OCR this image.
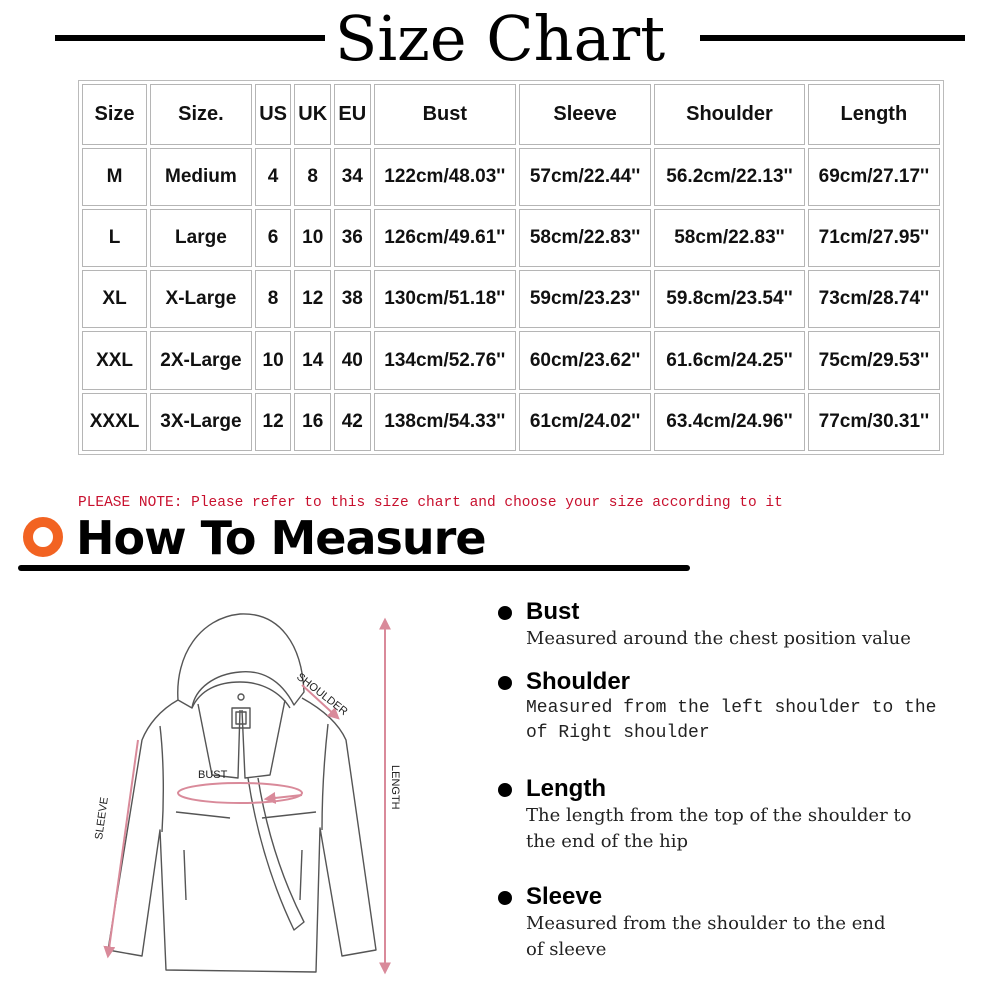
Size Chart
Size	Size.	US	UK	EU	Bust	Sleeve	Shoulder	Length
M	Medium	4	8	34	122cm/48.03''	57cm/22.44''	56.2cm/22.13''	69cm/27.17''
L	Large	6	10	36	126cm/49.61''	58cm/22.83''	58cm/22.83''	71cm/27.95''
XL	X-Large	8	12	38	130cm/51.18''	59cm/23.23''	59.8cm/23.54''	73cm/28.74''
XXL	2X-Large	10	14	40	134cm/52.76''	60cm/23.62''	61.6cm/24.25''	75cm/29.53''
XXXL	3X-Large	12	16	42	138cm/54.33''	61cm/24.02''	63.4cm/24.96''	77cm/30.31''
PLEASE NOTE: Please refer to this size chart and choose your size according to it
How To Measure
BUST
SHOULDER
LENGTH
SLEEVE
Bust
Measured around the chest position value
Shoulder
Measured from the left shoulder to the
of Right shoulder
Length
The length from the top of the shoulder to
the end of the hip
Sleeve
Measured from the shoulder to the end
of sleeve
